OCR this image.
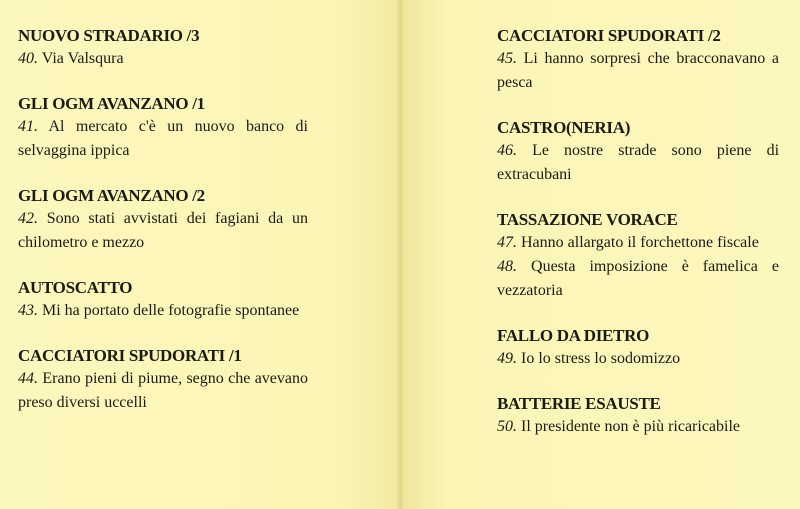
NUOVO STRADARIO /3
40. Via Valsqura
GLI OGM AVANZANO /1
41. Al mercato c'è un nuovo banco di selvaggina ippica
GLI OGM AVANZANO /2
42. Sono stati avvistati dei fagiani da un chilometro e mezzo
AUTOSCATTO
43. Mi ha portato delle fotografie spontanee
CACCIATORI SPUDORATI /1
44. Erano pieni di piume, segno che avevano preso diversi uccelli
CACCIATORI SPUDORATI /2
45. Li hanno sorpresi che bracconavano a pesca
CASTRO(NERIA)
46. Le nostre strade sono piene di extracubani
TASSAZIONE VORACE
47. Hanno allargato il forchettone fiscale
48. Questa imposizione è famelica e vezzatoria
FALLO DA DIETRO
49. Io lo stress lo sodomizzo
BATTERIE ESAUSTE
50. Il presidente non è più ricaricabile
